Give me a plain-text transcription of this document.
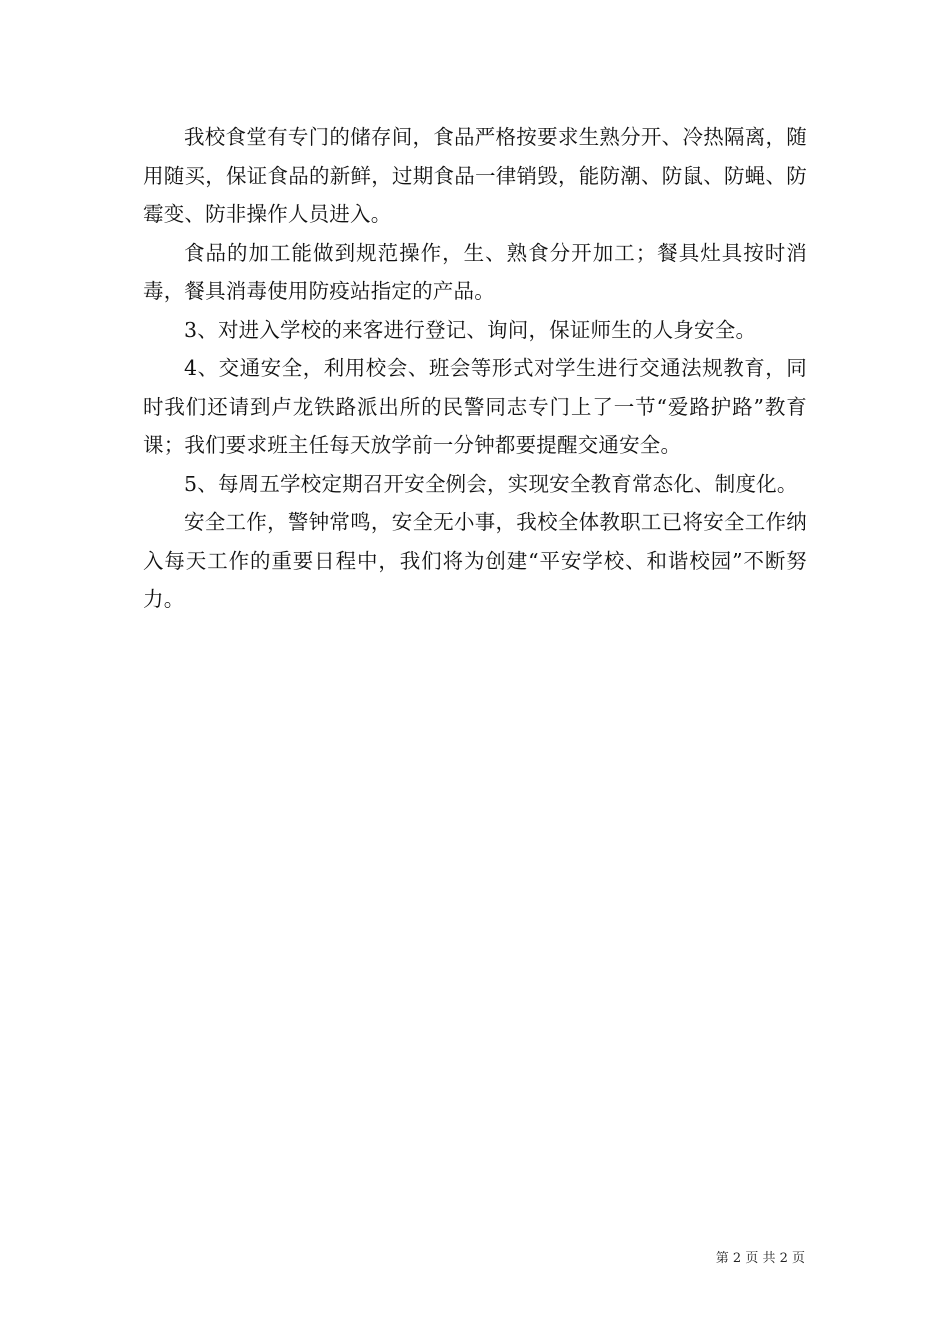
我校食堂有专门的储存间，食品严格按要求生熟分开、冷热隔离，随用随买，保证食品的新鲜，过期食品一律销毁，能防潮、防鼠、防蝇、防霉变、防非操作人员进入。

食品的加工能做到规范操作，生、熟食分开加工；餐具灶具按时消毒，餐具消毒使用防疫站指定的产品。

3、对进入学校的来客进行登记、询问，保证师生的人身安全。

4、交通安全，利用校会、班会等形式对学生进行交通法规教育，同时我们还请到卢龙铁路派出所的民警同志专门上了一节“爱路护路”教育课；我们要求班主任每天放学前一分钟都要提醒交通安全。

5、每周五学校定期召开安全例会，实现安全教育常态化、制度化。

安全工作，警钟常鸣，安全无小事，我校全体教职工已将安全工作纳入每天工作的重要日程中，我们将为创建“平安学校、和谐校园”不断努力。

第 2 页 共 2 页
